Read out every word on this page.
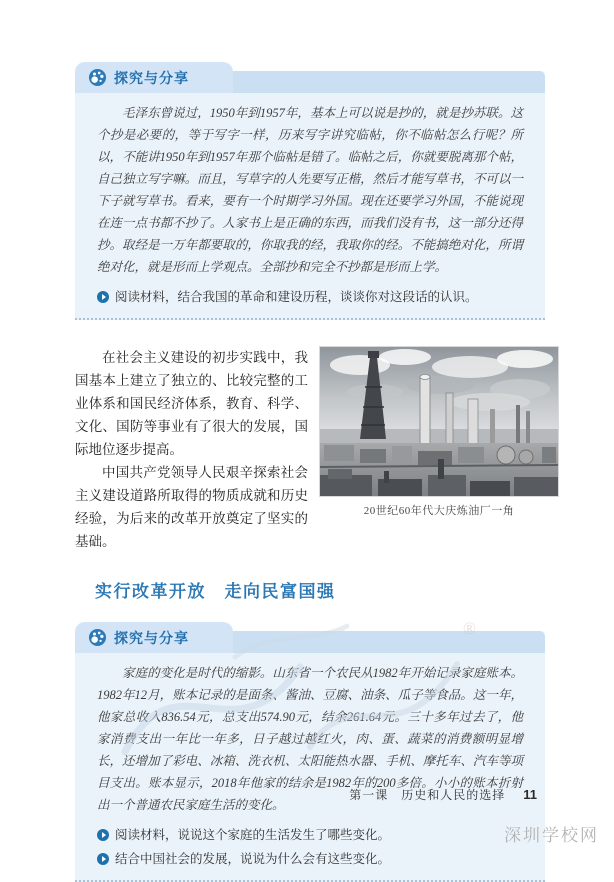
探究与分享

毛泽东曾说过，1950年到1957年，基本上可以说是抄的，就是抄苏联。这个抄是必要的，等于写字一样，历来写字讲究临帖，你不临帖怎么行呢？所以，不能讲1950年到1957年那个临帖是错了。临帖之后，你就要脱离那个帖，自己独立写字嘛。而且，写草字的人先要写正楷，然后才能写草书，不可以一下子就写草书。看来，要有一个时期学习外国。现在还要学习外国，不能说现在连一点书都不抄了。人家书上是正确的东西，而我们没有书，这一部分还得抄。取经是一万年都要取的，你取我的经，我取你的经。不能搞绝对化，所谓绝对化，就是形而上学观点。全部抄和完全不抄都是形而上学。

阅读材料，结合我国的革命和建设历程，谈谈你对这段话的认识。

在社会主义建设的初步实践中，我国基本上建立了独立的、比较完整的工业体系和国民经济体系，教育、科学、文化、国防等事业有了很大的发展，国际地位逐步提高。

中国共产党领导人民艰辛探索社会主义建设道路所取得的物质成就和历史经验，为后来的改革开放奠定了坚实的基础。

20世纪60年代大庆炼油厂一角
实行改革开放　走向民富国强
®
探究与分享

家庭的变化是时代的缩影。山东省一个农民从1982年开始记录家庭账本。1982年12月，账本记录的是面条、酱油、豆腐、油条、瓜子等食品。这一年，他家总收入836.54元，总支出574.90元，结余261.64元。三十多年过去了，他家消费支出一年比一年多，日子越过越红火，肉、蛋、蔬菜的消费额明显增长，还增加了彩电、冰箱、洗衣机、太阳能热水器、手机、摩托车、汽车等项目支出。账本显示，2018年他家的结余是1982年的200多倍。小小的账本折射出一个普通农民家庭生活的变化。

阅读材料，说说这个家庭的生活发生了哪些变化。
结合中国社会的发展，说说为什么会有这些变化。
第一课　历史和人民的选择 11
深圳学校网
